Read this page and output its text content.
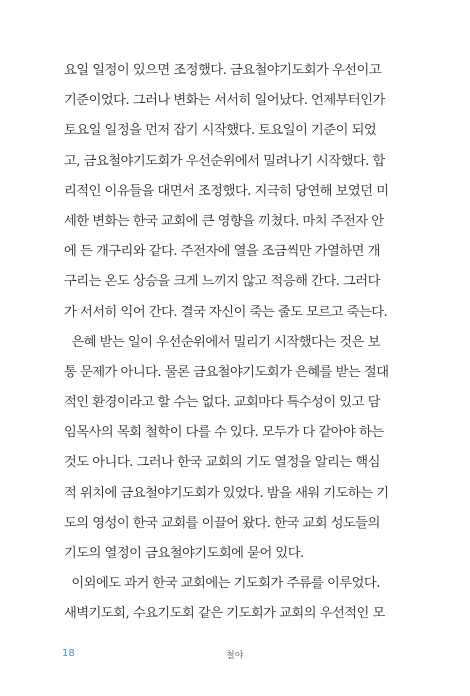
요일 일정이 있으면 조정했다. 금요철야기도회가 우선이고
기준이었다. 그러나 변화는 서서히 일어났다. 언제부터인가
토요일 일정을 먼저 잡기 시작했다. 토요일이 기준이 되었
고, 금요철야기도회가 우선순위에서 밀려나기 시작했다. 합
리적인 이유들을 대면서 조정했다. 지극히 당연해 보였던 미
세한 변화는 한국 교회에 큰 영향을 끼쳤다. 마치 주전자 안
에 든 개구리와 같다. 주전자에 열을 조금씩만 가열하면 개
구리는 온도 상승을 크게 느끼지 않고 적응해 간다. 그러다
가 서서히 익어 간다. 결국 자신이 죽는 줄도 모르고 죽는다.
은혜 받는 일이 우선순위에서 밀리기 시작했다는 것은 보
통 문제가 아니다. 물론 금요철야기도회가 은혜를 받는 절대
적인 환경이라고 할 수는 없다. 교회마다 특수성이 있고 담
임목사의 목회 철학이 다를 수 있다. 모두가 다 같아야 하는
것도 아니다. 그러나 한국 교회의 기도 열정을 알리는 핵심
적 위치에 금요철야기도회가 있었다. 밤을 새워 기도하는 기
도의 영성이 한국 교회를 이끌어 왔다. 한국 교회 성도들의
기도의 열정이 금요철야기도회에 묻어 있다.
이외에도 과거 한국 교회에는 기도회가 주류를 이루었다.
새벽기도회, 수요기도회 같은 기도회가 교회의 우선적인 모
18	철야
